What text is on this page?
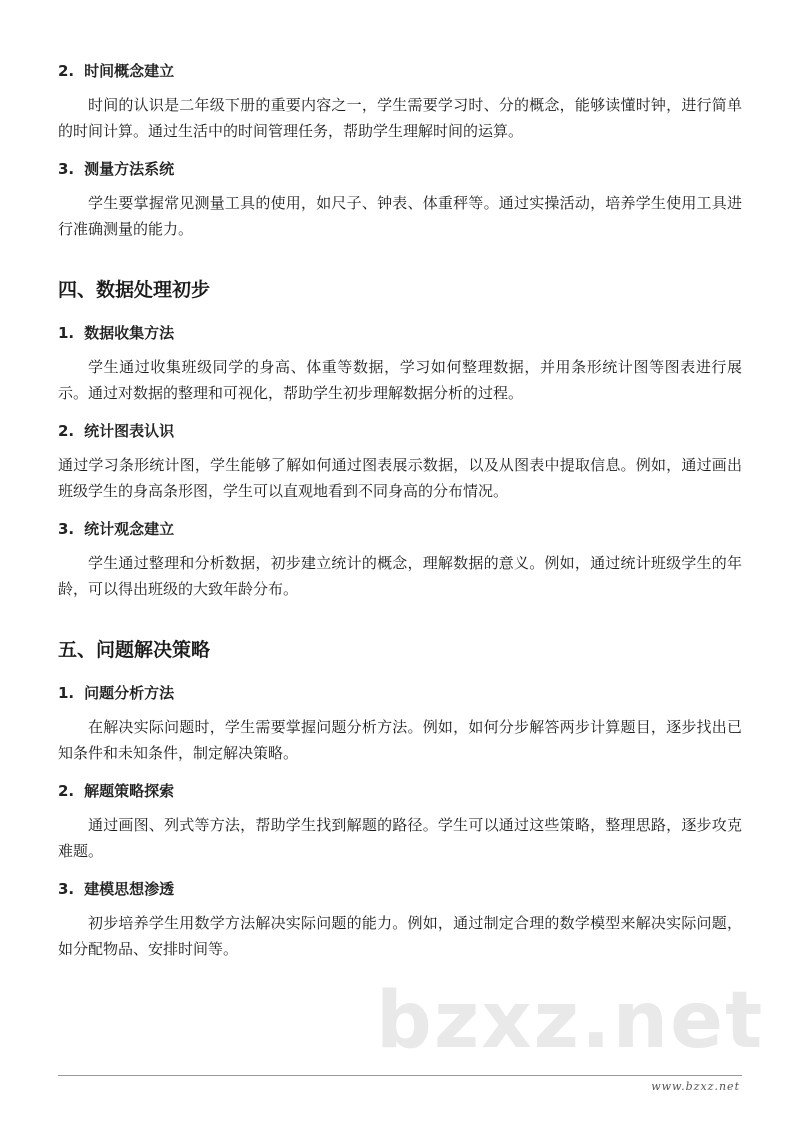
2. 时间概念建立

时间的认识是二年级下册的重要内容之一，学生需要学习时、分的概念，能够读懂时钟，进行简单的时间计算。通过生活中的时间管理任务，帮助学生理解时间的运算。

3. 测量方法系统

学生要掌握常见测量工具的使用，如尺子、钟表、体重秤等。通过实操活动，培养学生使用工具进行准确测量的能力。

四、数据处理初步
1. 数据收集方法

学生通过收集班级同学的身高、体重等数据，学习如何整理数据，并用条形统计图等图表进行展示。通过对数据的整理和可视化，帮助学生初步理解数据分析的过程。

2. 统计图表认识

通过学习条形统计图，学生能够了解如何通过图表展示数据，以及从图表中提取信息。例如，通过画出班级学生的身高条形图，学生可以直观地看到不同身高的分布情况。

3. 统计观念建立

学生通过整理和分析数据，初步建立统计的概念，理解数据的意义。例如，通过统计班级学生的年龄，可以得出班级的大致年龄分布。

五、问题解决策略
1. 问题分析方法

在解决实际问题时，学生需要掌握问题分析方法。例如，如何分步解答两步计算题目，逐步找出已知条件和未知条件，制定解决策略。

2. 解题策略探索

通过画图、列式等方法，帮助学生找到解题的路径。学生可以通过这些策略，整理思路，逐步攻克难题。

3. 建模思想渗透

初步培养学生用数学方法解决实际问题的能力。例如，通过制定合理的数学模型来解决实际问题，如分配物品、安排时间等。

bzxz.net
www.bzxz.net
